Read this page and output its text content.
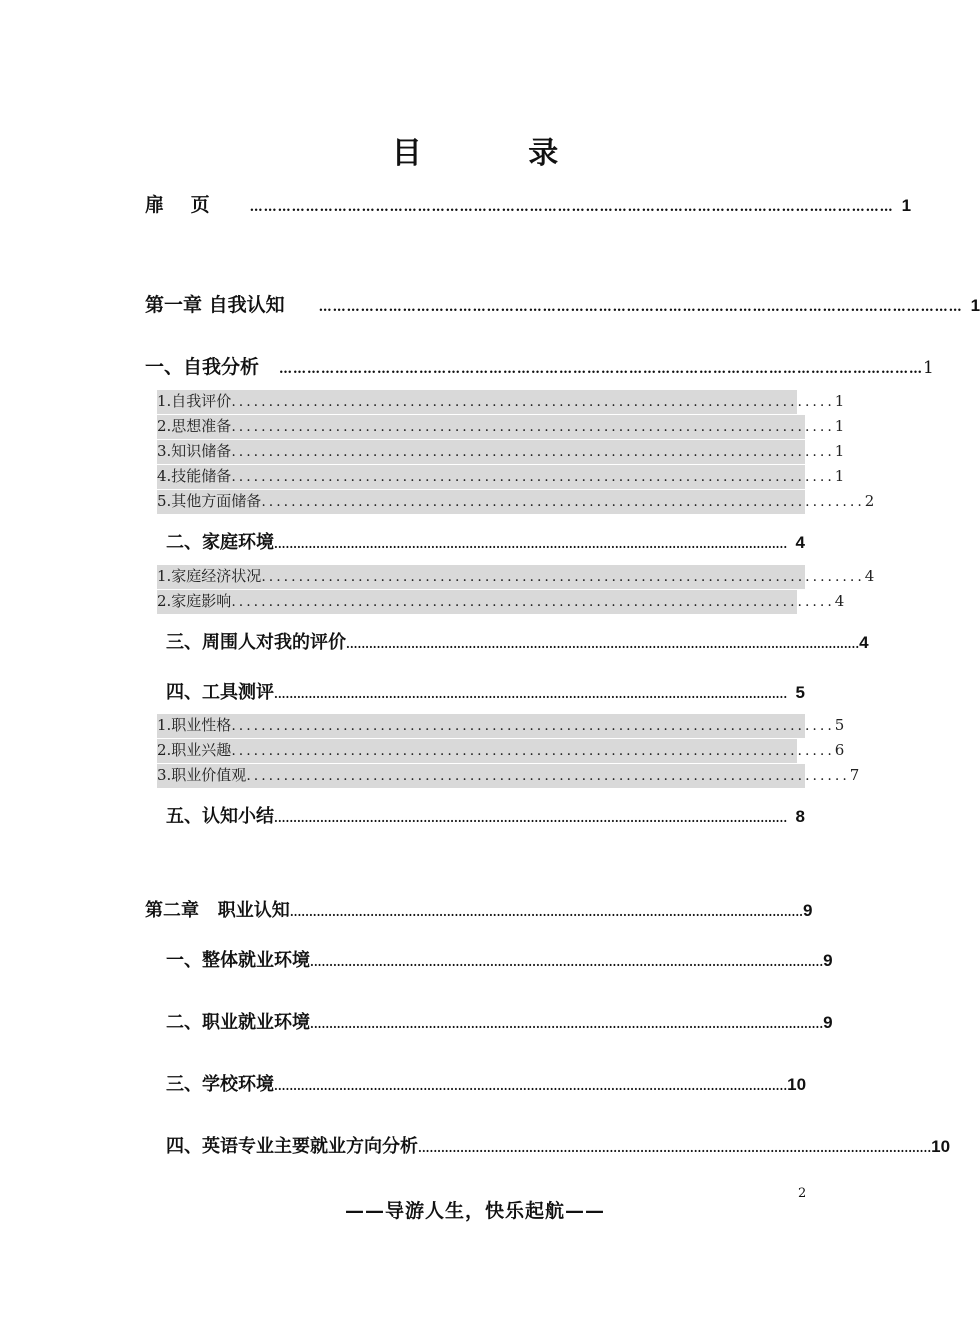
目 录
扉 页	………………………………………………………………………………………………………………………… 1
第一章 自我认知	………………………………………………………………………………………………………………………… 1
一、自我分析	………………………………………………………………………………………………………………………… 1
1.自我评价 ................................................................................. 1
2.思想准备 ................................................................................. 1
3.知识储备 ................................................................................. 1
4.技能储备 ................................................................................. 1
5.其他方面储备 ................................................................................. 2
二、家庭环境 ...................................................................................................................................... 4
1.家庭经济状况 ................................................................................. 4
2.家庭影响 ................................................................................. 4
三、周围人对我的评价 ...................................................................................................................................... 4
四、工具测评 ...................................................................................................................................... 5
1.职业性格 ................................................................................. 5
2.职业兴趣 ................................................................................. 6
3.职业价值观 ................................................................................. 7
五、认知小结 ...................................................................................................................................... 8
第二章   职业认知 ...................................................................................................................................... 9
一、整体就业环境 ...................................................................................................................................... 9
二、职业就业环境 ...................................................................................................................................... 9
三、学校环境 ...................................................................................................................................... 10
四、英语专业主要就业方向分析 ...................................................................................................................................... 10
2
——导游人生，快乐起航——
